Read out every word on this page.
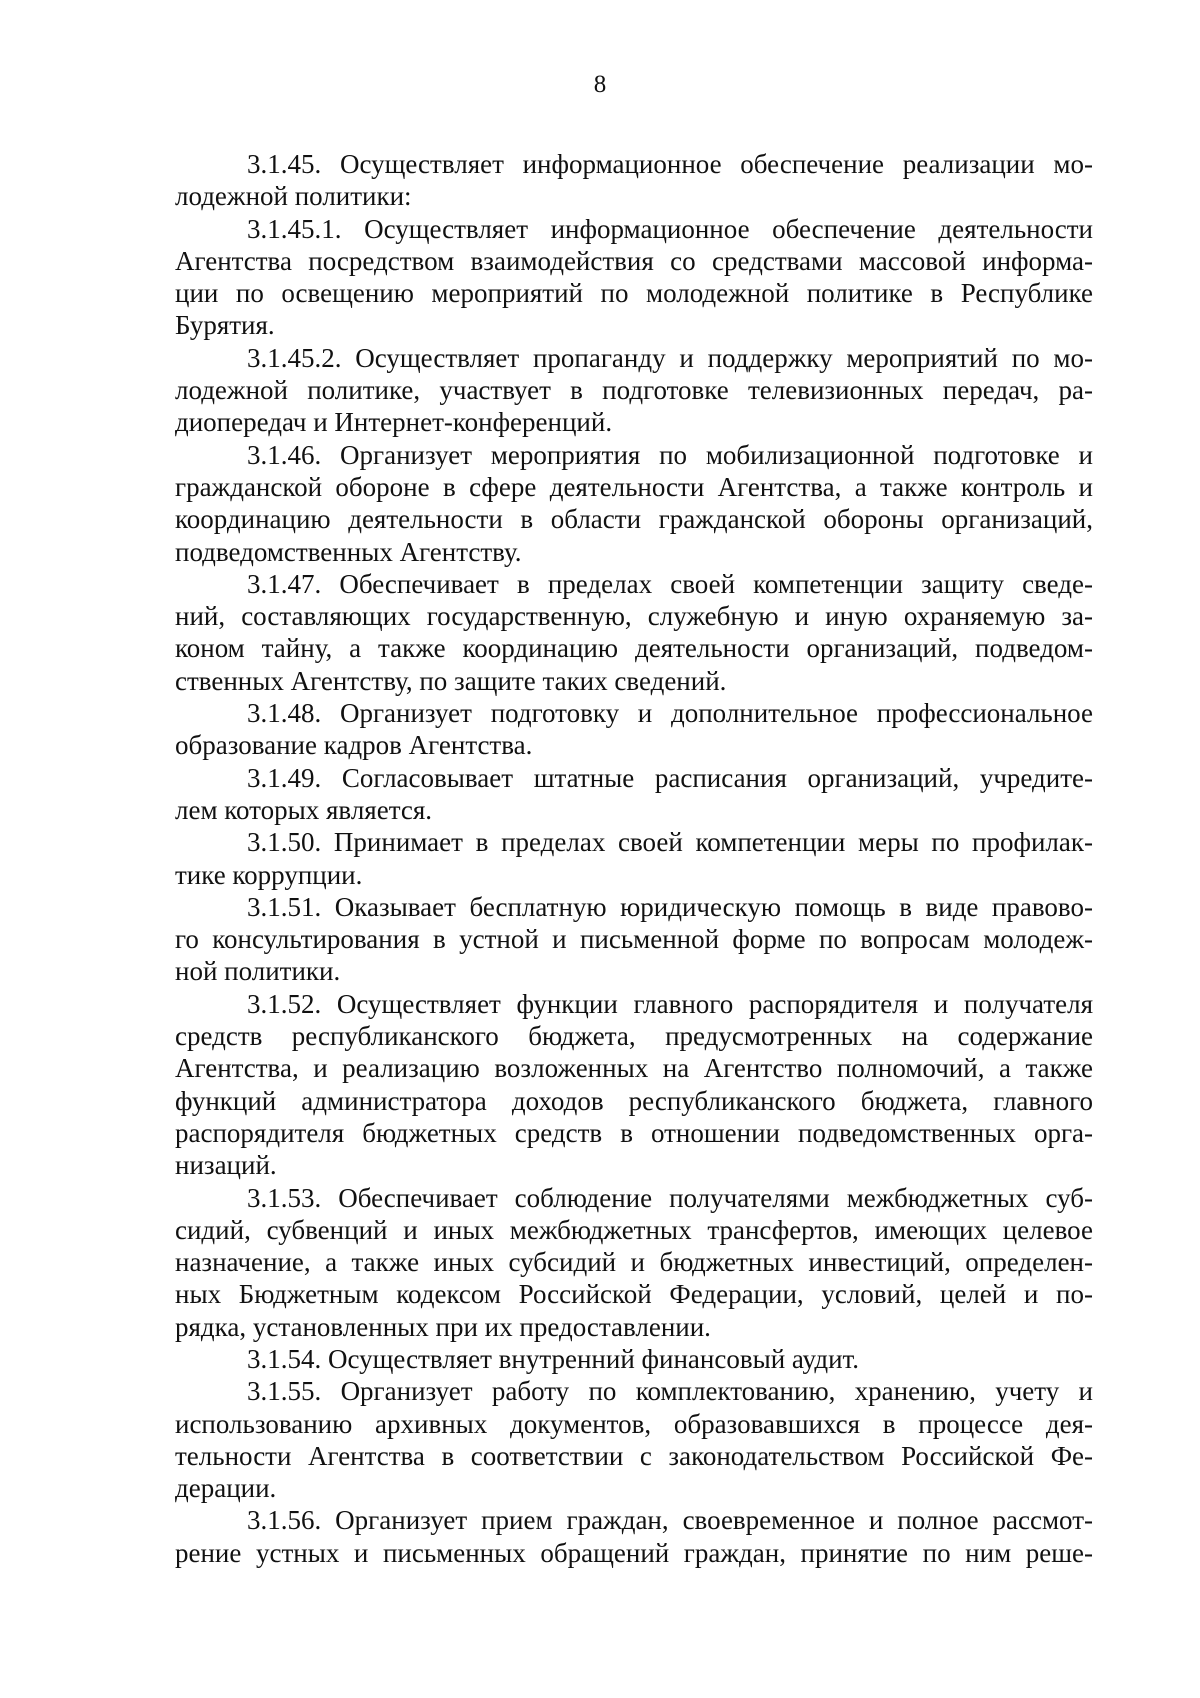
8
3.1.45. Осуществляет информационное обеспечение реализации мо-
лодежной политики:
3.1.45.1. Осуществляет информационное обеспечение деятельности
Агентства посредством взаимодействия со средствами массовой информа-
ции по освещению мероприятий по молодежной политике в Республике
Бурятия.
3.1.45.2. Осуществляет пропаганду и поддержку мероприятий по мо-
лодежной политике, участвует в подготовке телевизионных передач, ра-
диопередач и Интернет-конференций.
3.1.46. Организует мероприятия по мобилизационной подготовке и
гражданской обороне в сфере деятельности Агентства, а также контроль и
координацию деятельности в области гражданской обороны организаций,
подведомственных Агентству.
3.1.47. Обеспечивает в пределах своей компетенции защиту сведе-
ний, составляющих государственную, служебную и иную охраняемую за-
коном тайну, а также координацию деятельности организаций, подведом-
ственных Агентству, по защите таких сведений.
3.1.48. Организует подготовку и дополнительное профессиональное
образование кадров Агентства.
3.1.49. Согласовывает штатные расписания организаций, учредите-
лем которых является.
3.1.50. Принимает в пределах своей компетенции меры по профилак-
тике коррупции.
3.1.51. Оказывает бесплатную юридическую помощь в виде правово-
го консультирования в устной и письменной форме по вопросам молодеж-
ной политики.
3.1.52. Осуществляет функции главного распорядителя и получателя
средств республиканского бюджета, предусмотренных на содержание
Агентства, и реализацию возложенных на Агентство полномочий, а также
функций администратора доходов республиканского бюджета, главного
распорядителя бюджетных средств в отношении подведомственных орга-
низаций.
3.1.53. Обеспечивает соблюдение получателями межбюджетных суб-
сидий, субвенций и иных межбюджетных трансфертов, имеющих целевое
назначение, а также иных субсидий и бюджетных инвестиций, определен-
ных Бюджетным кодексом Российской Федерации, условий, целей и по-
рядка, установленных при их предоставлении.
3.1.54. Осуществляет внутренний финансовый аудит.
3.1.55. Организует работу по комплектованию, хранению, учету и
использованию архивных документов, образовавшихся в процессе дея-
тельности Агентства в соответствии с законодательством Российской Фе-
дерации.
3.1.56. Организует прием граждан, своевременное и полное рассмот-
рение устных и письменных обращений граждан, принятие по ним реше-
